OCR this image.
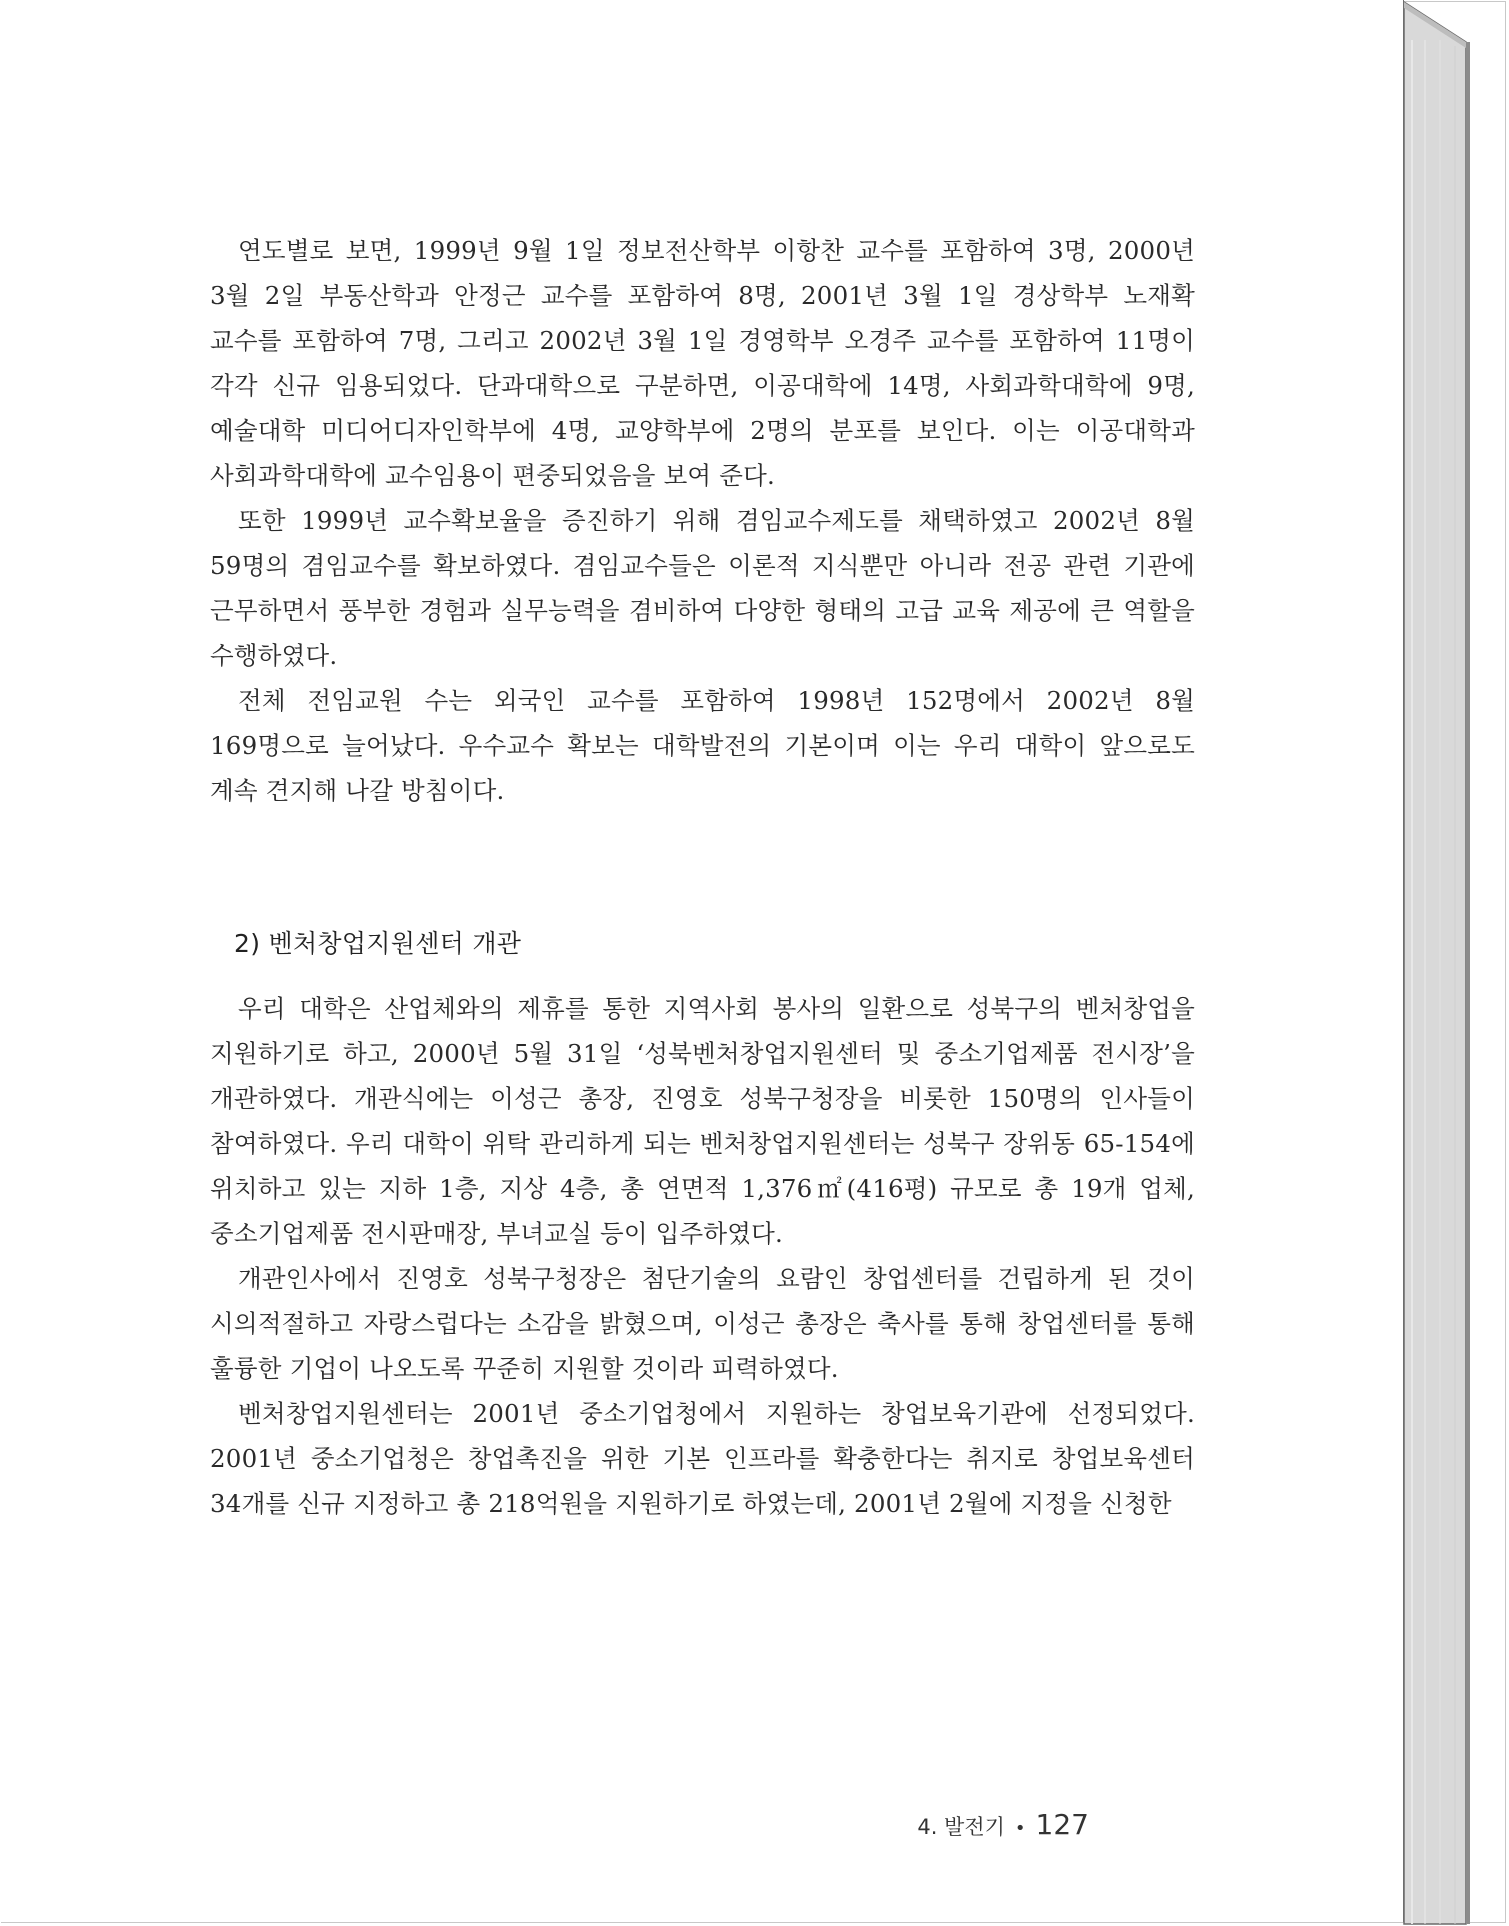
연도별로 보면, 1999년 9월 1일 정보전산학부 이항찬 교수를 포함하여 3명, 2000년 3월 2일 부동산학과 안정근 교수를 포함하여 8명, 2001년 3월 1일 경상학부 노재확 교수를 포함하여 7명, 그리고 2002년 3월 1일 경영학부 오경주 교수를 포함하여 11명이 각각 신규 임용되었다. 단과대학으로 구분하면, 이공대학에 14명, 사회과학대학에 9명, 예술대학 미디어디자인학부에 4명, 교양학부에 2명의 분포를 보인다. 이는 이공대학과 사회과학대학에 교수임용이 편중되었음을 보여 준다.

또한 1999년 교수확보율을 증진하기 위해 겸임교수제도를 채택하였고 2002년 8월 59명의 겸임교수를 확보하였다. 겸임교수들은 이론적 지식뿐만 아니라 전공 관련 기관에 근무하면서 풍부한 경험과 실무능력을 겸비하여 다양한 형태의 고급 교육 제공에 큰 역할을 수행하였다.

전체 전임교원 수는 외국인 교수를 포함하여 1998년 152명에서 2002년 8월 169명으로 늘어났다. 우수교수 확보는 대학발전의 기본이며 이는 우리 대학이 앞으로도 계속 견지해 나갈 방침이다.

2) 벤처창업지원센터 개관

우리 대학은 산업체와의 제휴를 통한 지역사회 봉사의 일환으로 성북구의 벤처창업을 지원하기로 하고, 2000년 5월 31일 ‘성북벤처창업지원센터 및 중소기업제품 전시장’을 개관하였다. 개관식에는 이성근 총장, 진영호 성북구청장을 비롯한 150명의 인사들이 참여하였다. 우리 대학이 위탁 관리하게 되는 벤처창업지원센터는 성북구 장위동 65-154에 위치하고 있는 지하 1층, 지상 4층, 총 연면적 1,376㎡(416평) 규모로 총 19개 업체, 중소기업제품 전시판매장, 부녀교실 등이 입주하였다.

개관인사에서 진영호 성북구청장은 첨단기술의 요람인 창업센터를 건립하게 된 것이 시의적절하고 자랑스럽다는 소감을 밝혔으며, 이성근 총장은 축사를 통해 창업센터를 통해 훌륭한 기업이 나오도록 꾸준히 지원할 것이라 피력하였다.

벤처창업지원센터는 2001년 중소기업청에서 지원하는 창업보육기관에 선정되었다. 2001년 중소기업청은 창업촉진을 위한 기본 인프라를 확충한다는 취지로 창업보육센터 34개를 신규 지정하고 총 218억원을 지원하기로 하였는데, 2001년 2월에 지정을 신청한

4. 발전기 • 127
